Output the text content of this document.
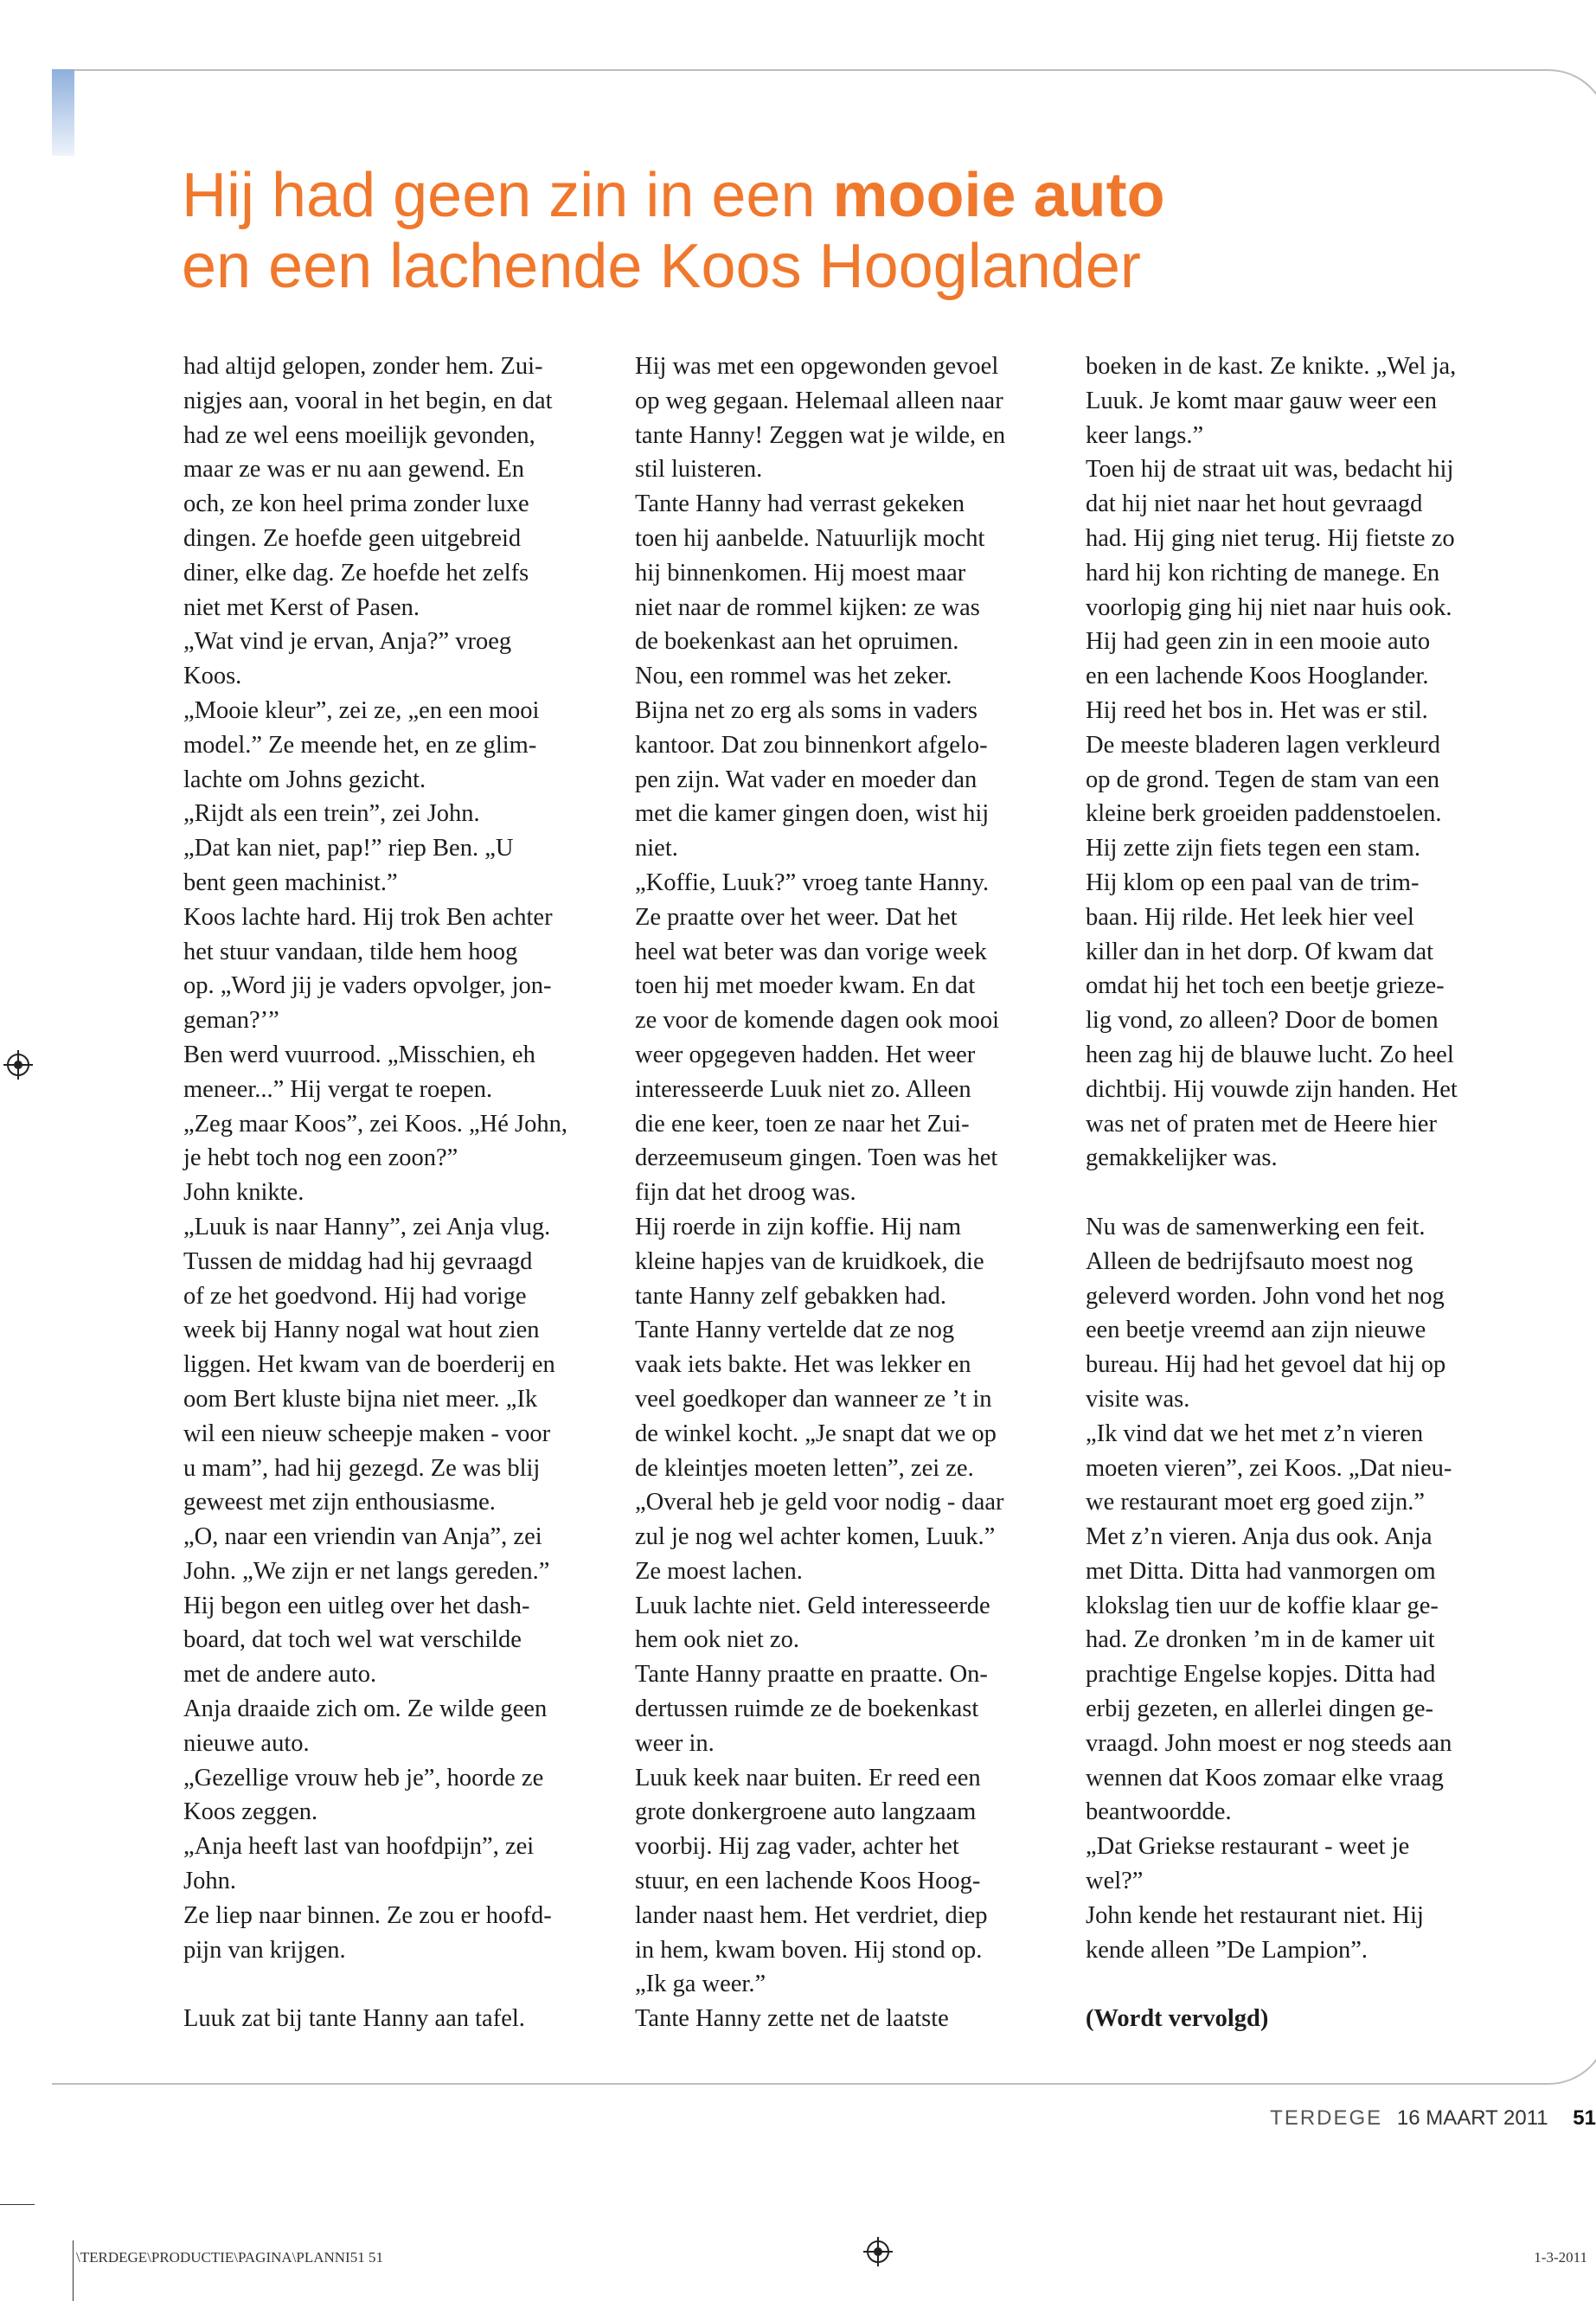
Hij had geen zin in een mooie auto
en een lachende Koos Hooglander
had altijd gelopen, zonder hem. Zui-
nigjes aan, vooral in het begin, en dat
had ze wel eens moeilijk gevonden,
maar ze was er nu aan gewend. En
och, ze kon heel prima zonder luxe
dingen. Ze hoefde geen uitgebreid
diner, elke dag. Ze hoefde het zelfs
niet met Kerst of Pasen.
„Wat vind je ervan, Anja?” vroeg
Koos.
„Mooie kleur”, zei ze, „en een mooi
model.” Ze meende het, en ze glim-
lachte om Johns gezicht.
„Rijdt als een trein”, zei John.
„Dat kan niet, pap!” riep Ben. „U
bent geen machinist.”
Koos lachte hard. Hij trok Ben achter
het stuur vandaan, tilde hem hoog
op. „Word jij je vaders opvolger, jon-
geman?’”
Ben werd vuurrood. „Misschien, eh
meneer...” Hij vergat te roepen.
„Zeg maar Koos”, zei Koos. „Hé John,
je hebt toch nog een zoon?”
John knikte.
„Luuk is naar Hanny”, zei Anja vlug.
Tussen de middag had hij gevraagd
of ze het goedvond. Hij had vorige
week bij Hanny nogal wat hout zien
liggen. Het kwam van de boerderij en
oom Bert kluste bijna niet meer. „Ik
wil een nieuw scheepje maken - voor
u mam”, had hij gezegd. Ze was blij
geweest met zijn enthousiasme.
„O, naar een vriendin van Anja”, zei
John. „We zijn er net langs gereden.”
Hij begon een uitleg over het dash-
board, dat toch wel wat verschilde
met de andere auto.
Anja draaide zich om. Ze wilde geen
nieuwe auto.
„Gezellige vrouw heb je”, hoorde ze
Koos zeggen.
„Anja heeft last van hoofdpijn”, zei
John.
Ze liep naar binnen. Ze zou er hoofd-
pijn van krijgen.

Luuk zat bij tante Hanny aan tafel.
Hij was met een opgewonden gevoel
op weg gegaan. Helemaal alleen naar
tante Hanny! Zeggen wat je wilde, en
stil luisteren.
Tante Hanny had verrast gekeken
toen hij aanbelde. Natuurlijk mocht
hij binnenkomen. Hij moest maar
niet naar de rommel kijken: ze was
de boekenkast aan het opruimen.
Nou, een rommel was het zeker.
Bijna net zo erg als soms in vaders
kantoor. Dat zou binnenkort afgelo-
pen zijn. Wat vader en moeder dan
met die kamer gingen doen, wist hij
niet.
„Koffie, Luuk?” vroeg tante Hanny.
Ze praatte over het weer. Dat het
heel wat beter was dan vorige week
toen hij met moeder kwam. En dat
ze voor de komende dagen ook mooi
weer opgegeven hadden. Het weer
interesseerde Luuk niet zo. Alleen
die ene keer, toen ze naar het Zui-
derzeemuseum gingen. Toen was het
fijn dat het droog was.
Hij roerde in zijn koffie. Hij nam
kleine hapjes van de kruidkoek, die
tante Hanny zelf gebakken had.
Tante Hanny vertelde dat ze nog
vaak iets bakte. Het was lekker en
veel goedkoper dan wanneer ze ’t in
de winkel kocht. „Je snapt dat we op
de kleintjes moeten letten”, zei ze.
„Overal heb je geld voor nodig - daar
zul je nog wel achter komen, Luuk.”
Ze moest lachen.
Luuk lachte niet. Geld interesseerde
hem ook niet zo.
Tante Hanny praatte en praatte. On-
dertussen ruimde ze de boekenkast
weer in.
Luuk keek naar buiten. Er reed een
grote donkergroene auto langzaam
voorbij. Hij zag vader, achter het
stuur, en een lachende Koos Hoog-
lander naast hem. Het verdriet, diep
in hem, kwam boven. Hij stond op.
„Ik ga weer.”
Tante Hanny zette net de laatste
boeken in de kast. Ze knikte. „Wel ja,
Luuk. Je komt maar gauw weer een
keer langs.”
Toen hij de straat uit was, bedacht hij
dat hij niet naar het hout gevraagd
had. Hij ging niet terug. Hij fietste zo
hard hij kon richting de manege. En
voorlopig ging hij niet naar huis ook.
Hij had geen zin in een mooie auto
en een lachende Koos Hooglander.
Hij reed het bos in. Het was er stil.
De meeste bladeren lagen verkleurd
op de grond. Tegen de stam van een
kleine berk groeiden paddenstoelen.
Hij zette zijn fiets tegen een stam.
Hij klom op een paal van de trim-
baan. Hij rilde. Het leek hier veel
killer dan in het dorp. Of kwam dat
omdat hij het toch een beetje grieze-
lig vond, zo alleen? Door de bomen
heen zag hij de blauwe lucht. Zo heel
dichtbij. Hij vouwde zijn handen. Het
was net of praten met de Heere hier
gemakkelijker was.

Nu was de samenwerking een feit.
Alleen de bedrijfsauto moest nog
geleverd worden. John vond het nog
een beetje vreemd aan zijn nieuwe
bureau. Hij had het gevoel dat hij op
visite was.
„Ik vind dat we het met z’n vieren
moeten vieren”, zei Koos. „Dat nieu-
we restaurant moet erg goed zijn.”
Met z’n vieren. Anja dus ook. Anja
met Ditta. Ditta had vanmorgen om
klokslag tien uur de koffie klaar ge-
had. Ze dronken ’m in de kamer uit
prachtige Engelse kopjes. Ditta had
erbij gezeten, en allerlei dingen ge-
vraagd. John moest er nog steeds aan
wennen dat Koos zomaar elke vraag
beantwoordde.
„Dat Griekse restaurant - weet je
wel?”
John kende het restaurant niet. Hij
kende alleen ”De Lampion”.

(Wordt vervolgd)
TERDEGE 16 MAART 2011 51
\TERDEGE\PRODUCTIE\PAGINA\PLANNI51 51	1-3-2011
